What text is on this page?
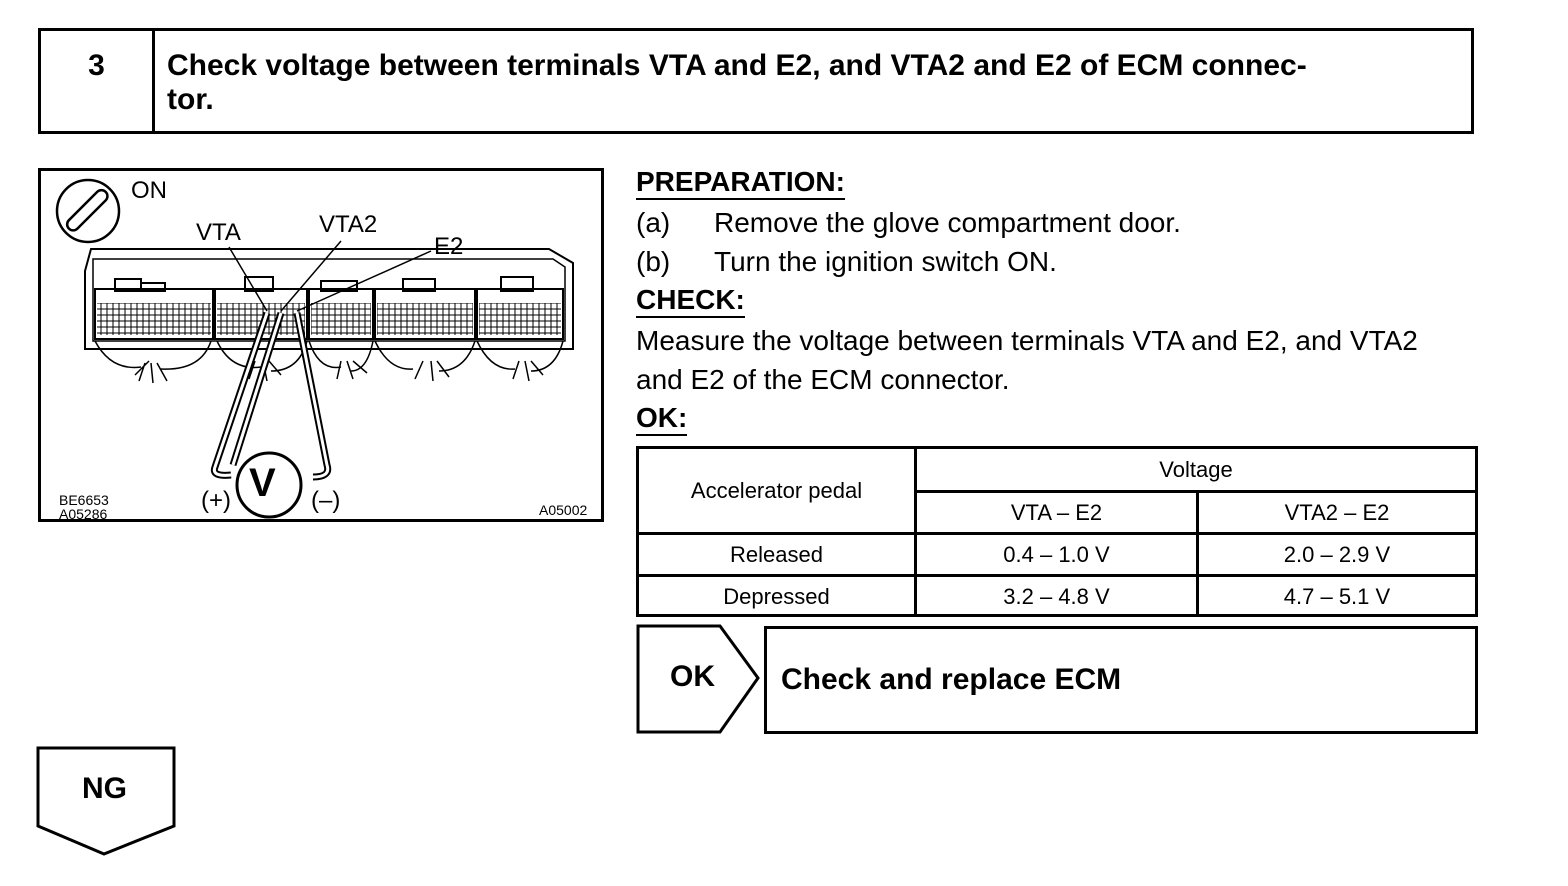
3	Check voltage between terminals VTA and E2, and VTA2 and E2 of ECM connec-
tor.
ON
VTA	VTA2
E2
V
(+)	(–)
BE6653
A05286	A05002
PREPARATION:
(a) Remove the glove compartment door.
(b) Turn the ignition switch ON.
CHECK:
Measure the voltage between terminals VTA and E2, and VTA2
and E2 of the ECM connector.
OK:
Accelerator pedal
Voltage
VTA – E2	VTA2 – E2
Released	0.4 – 1.0 V	2.0 – 2.9 V
Depressed	3.2 – 4.8 V	4.7 – 5.1 V
OK Check and replace ECM
NG
